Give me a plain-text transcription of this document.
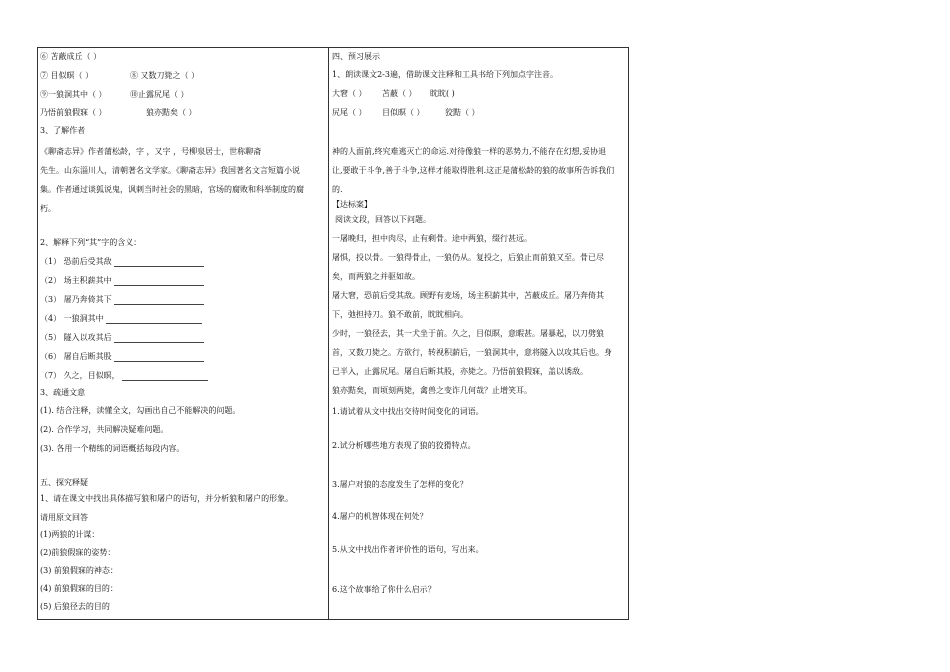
⑥ 苫蔽成丘（ ）
⑦ 目似暝（ ）	⑧ 又数刀毙之（ ）
⑨一狼洞其中（ ）	⑩止露尻尾（ ）
乃悟前狼假寐（ ）	狼亦黠矣（ ）
3、了解作者
《聊斋志异》作者蒲松龄，字 ，又字 ，号柳泉居士，世称聊斋
先生。山东淄川人，清朝著名文学家。《聊斋志异》我国著名文言短篇小说
集。作者通过谈狐说鬼，讽刺当时社会的黑暗，官场的腐败和科举制度的腐
朽。
2、解释下列“其”字的含义：
（1） 恐前后受其敌
（2） 场主积薪其中
（3） 屠乃奔倚其下
（4） 一狼洞其中
（5） 隧入以攻其后
（6） 屠自后断其股
（7） 久之，目似暝，
3、疏通文意
(1). 结合注释，读懂全文，勾画出自己不能解决的问题。
(2). 合作学习，共同解决疑难问题。
(3). 各用一个精练的词语概括每段内容。
五、探究释疑
1、请在课文中找出具体描写狼和屠户的语句，并分析狼和屠户的形象。
请用原文回答
(1)两狼的计谋：
(2)前狼假寐的姿势：
(3) 前狼假寐的神态：
(4) 前狼假寐的目的：
(5) 后狼径去的目的
四、预习展示
1、朗读课文2-3遍，借助课文注释和工具书给下列加点字注音。
大窘（ ） 苫蔽（ ） 眈眈( )
尻尾（ ） 目似暝（ ）	狡黠（ ）
神的人面前,终究难逃灭亡的命运.对待像狼一样的恶势力,不能存在幻想,妥协退
让,要敢于斗争,善于斗争,这样才能取得胜利.这正是蒲松龄的狼的故事所告诉我们
的.
【达标案】
阅读文段，回答以下问题。
一屠晚归，担中肉尽，止有剩骨。途中两狼，缀行甚远。
屠惧，投以骨。一狼得骨止，一狼仍从。复投之，后狼止而前狼又至。骨已尽
矣，而两狼之并驱如故。
屠大窘，恐前后受其敌。顾野有麦场，场主积薪其中，苫蔽成丘。屠乃奔倚其
下，弛担持刀。狼不敢前，眈眈相向。
少时，一狼径去，其一犬坐于前。久之，目似瞑，意暇甚。屠暴起，以刀劈狼
首，又数刀毙之。方欲行，转视积薪后，一狼洞其中，意将隧入以攻其后也。身
已半入，止露尻尾。屠自后断其股，亦毙之。乃悟前狼假寐，盖以诱敌。
狼亦黠矣，而顷刻两毙，禽兽之变诈几何哉？止增笑耳。
1.请试着从文中找出交待时间变化的词语。
2.试分析哪些地方表现了狼的狡猾特点。
3.屠户对狼的态度发生了怎样的变化？
4.屠户的机智体现在何处？
5.从文中找出作者评价性的语句，写出来。
6.这个故事给了你什么启示？
